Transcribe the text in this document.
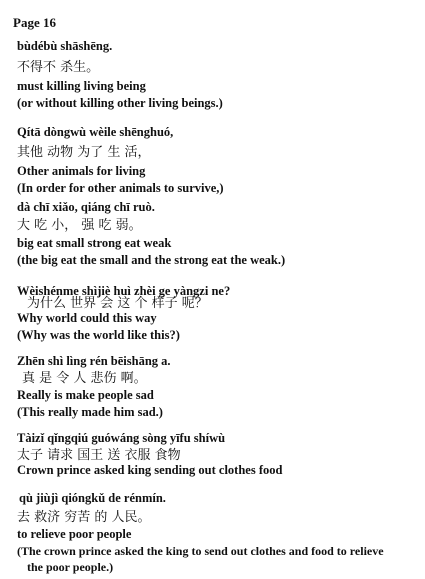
Page 16
bùdébù shāshēng.
不得不 杀生。
must killing living being
(or without killing other living beings.)
Qítā dòngwù wèile shēnghuó,
其他 动物 为了 生 活，
Other animals for living
(In order for other animals to survive,)
dà chī xiǎo, qiáng chī ruò.
大 吃 小， 强 吃 弱。
big eat small strong eat weak
(the big eat the small and the strong eat the weak.)
Wèishénme shìjiè huì zhèi ge yàngzi ne?
为什么 世界 会 这 个 样子 呢？
Why world could this way
(Why was the world like this?)
Zhēn shì lìng rén bēishāng a.
真 是 令 人 悲伤 啊。
Really is make people sad
(This really made him sad.)
Tàizǐ qǐngqiú guówáng sòng yīfu shíwù
太子 请求 国王 送 衣服 食物
Crown prince asked king sending out clothes food
qù jiùjì qióngkǔ de rénmín.
去 救济 穷苦 的 人民。
to relieve poor people
(The crown prince asked the king to send out clothes and food to relieve
the poor people.)
